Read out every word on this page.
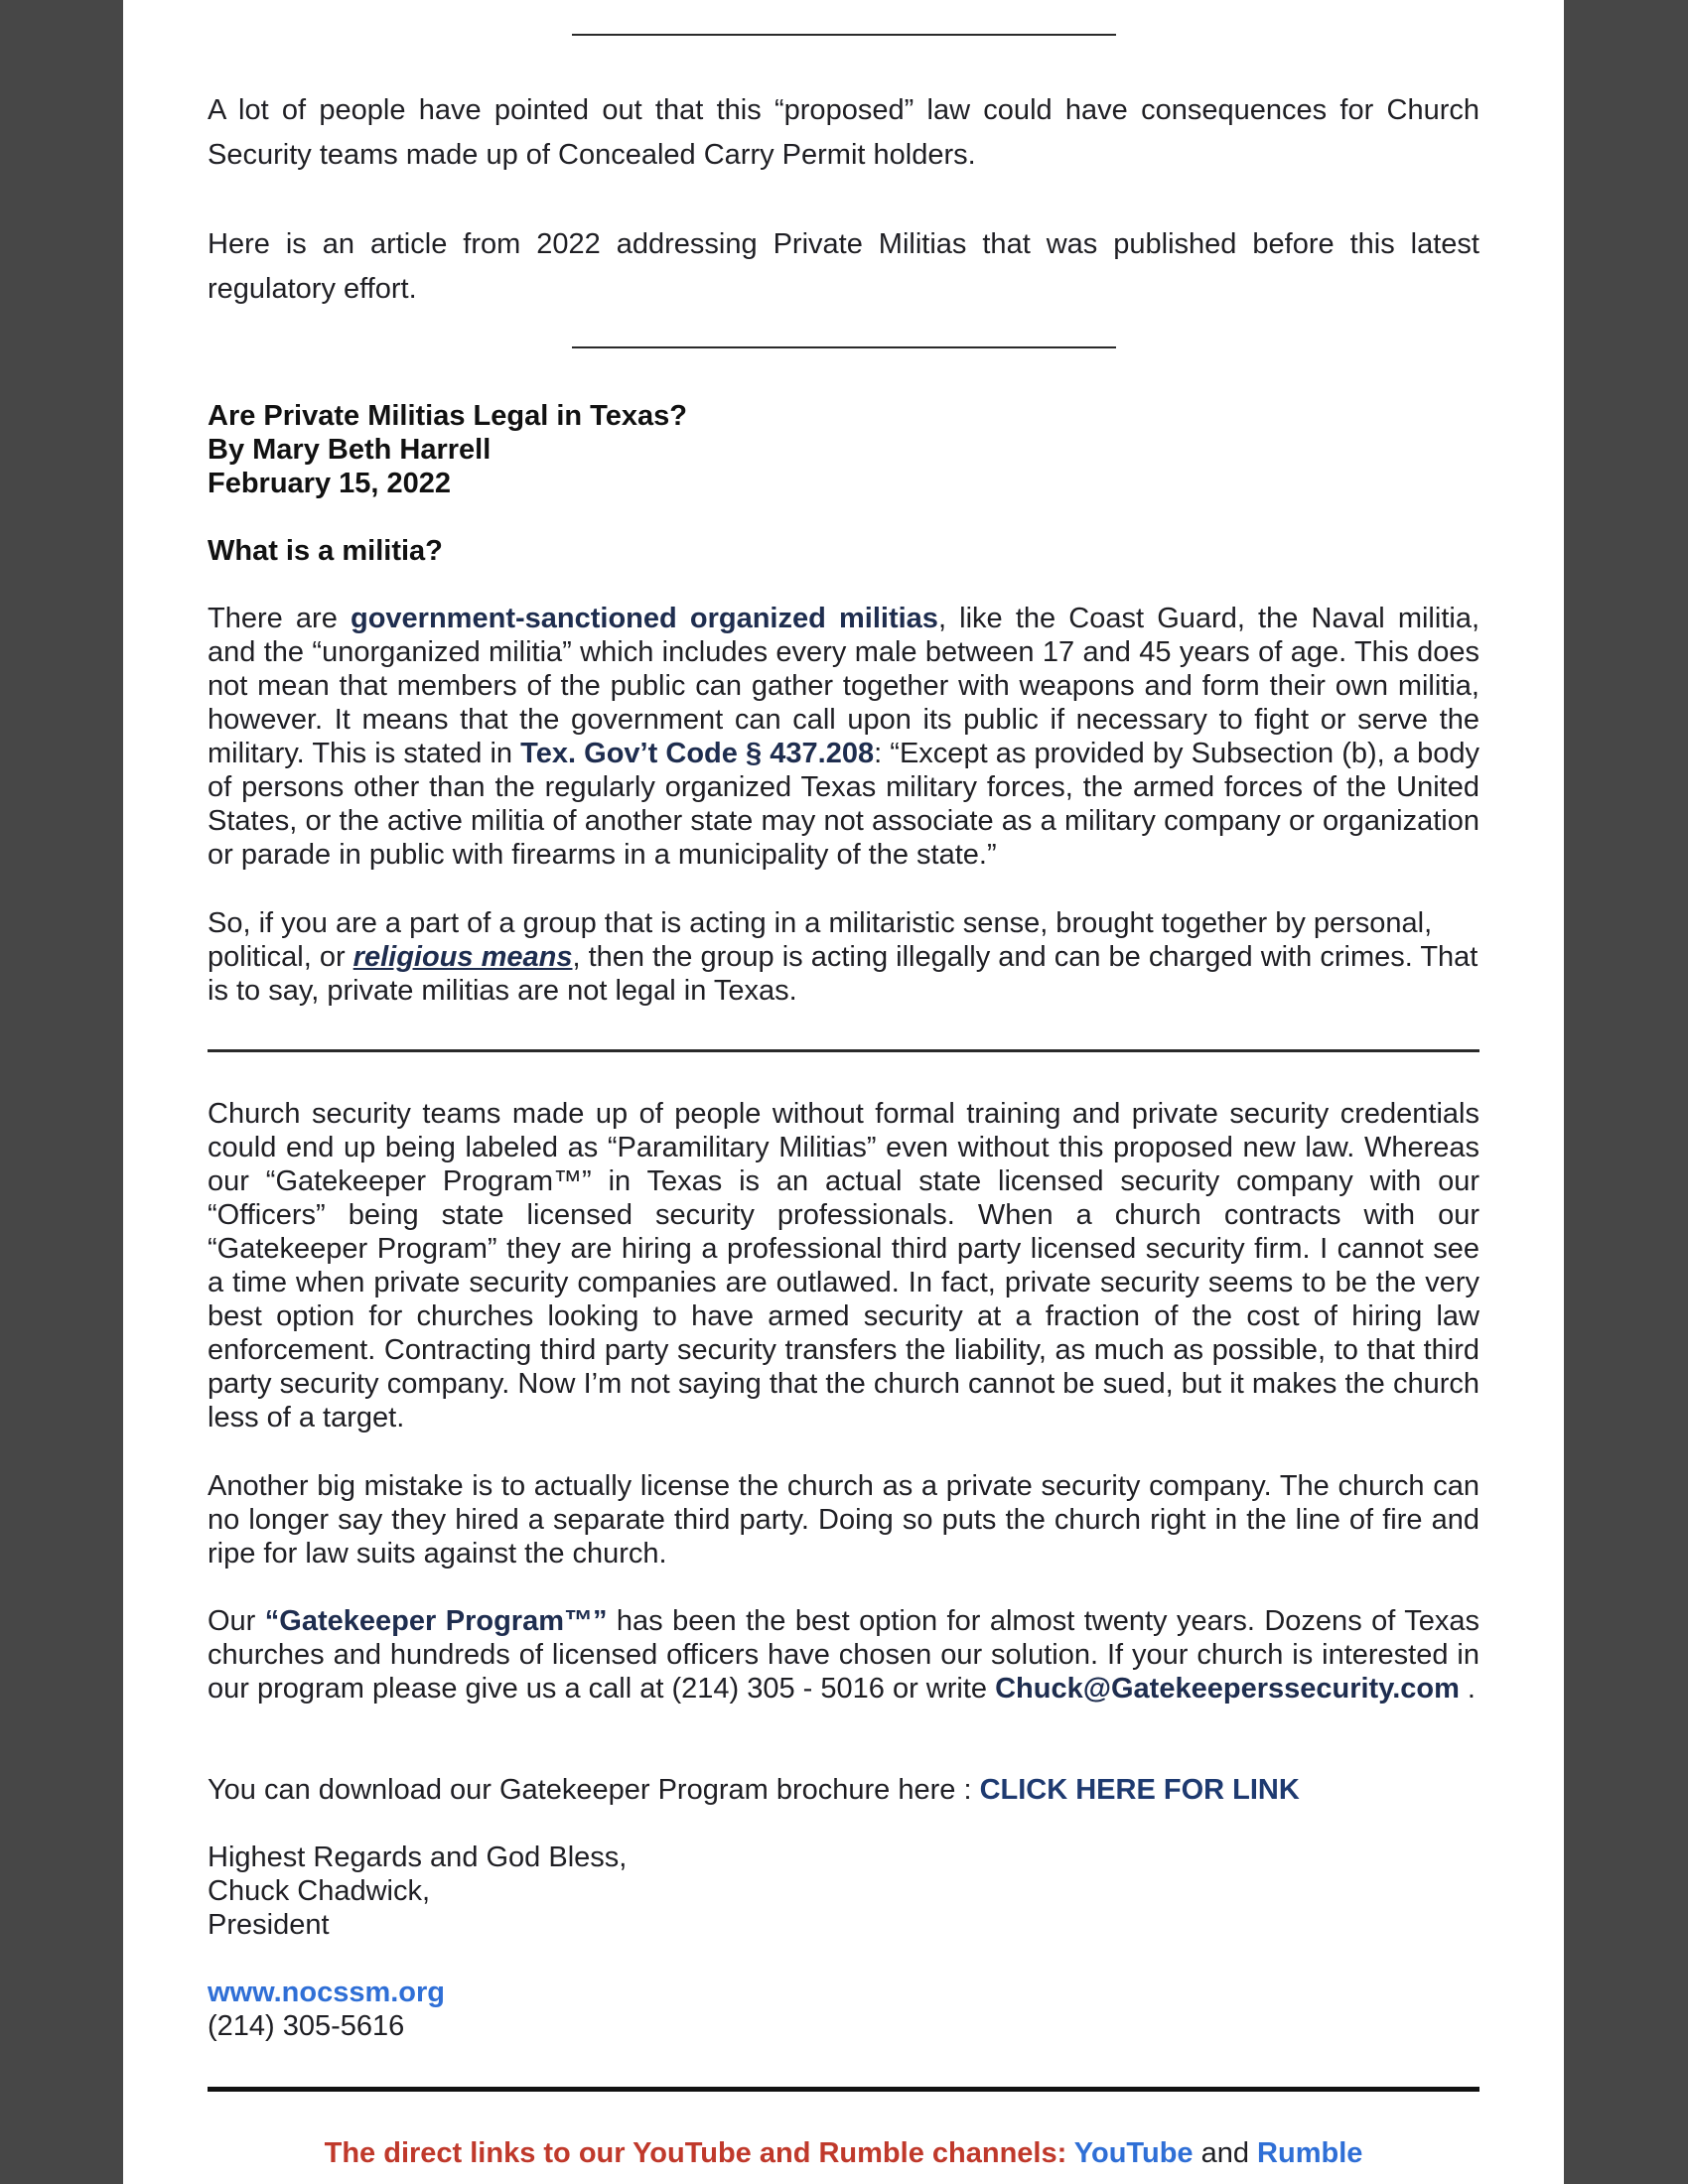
A lot of people have pointed out that this “proposed” law could have consequences for Church Security teams made up of Concealed Carry Permit holders.
Here is an article from 2022 addressing Private Militias that was published before this latest regulatory effort.
Are Private Militias Legal in Texas?
By Mary Beth Harrell
February 15, 2022
What is a militia?
There are government-sanctioned organized militias, like the Coast Guard, the Naval militia, and the “unorganized militia” which includes every male between 17 and 45 years of age. This does not mean that members of the public can gather together with weapons and form their own militia, however. It means that the government can call upon its public if necessary to fight or serve the military. This is stated in Tex. Gov’t Code § 437.208: “Except as provided by Subsection (b), a body of persons other than the regularly organized Texas military forces, the armed forces of the United States, or the active militia of another state may not associate as a military company or organization or parade in public with firearms in a municipality of the state.”
So, if you are a part of a group that is acting in a militaristic sense, brought together by personal, political, or religious means, then the group is acting illegally and can be charged with crimes. That is to say, private militias are not legal in Texas.
Church security teams made up of people without formal training and private security credentials could end up being labeled as “Paramilitary Militias” even without this proposed new law. Whereas our “Gatekeeper Program™” in Texas is an actual state licensed security company with our “Officers” being state licensed security professionals. When a church contracts with our “Gatekeeper Program” they are hiring a professional third party licensed security firm. I cannot see a time when private security companies are outlawed. In fact, private security seems to be the very best option for churches looking to have armed security at a fraction of the cost of hiring law enforcement. Contracting third party security transfers the liability, as much as possible, to that third party security company. Now I’m not saying that the church cannot be sued, but it makes the church less of a target.
Another big mistake is to actually license the church as a private security company. The church can no longer say they hired a separate third party. Doing so puts the church right in the line of fire and ripe for law suits against the church.
Our “Gatekeeper Program™” has been the best option for almost twenty years. Dozens of Texas churches and hundreds of licensed officers have chosen our solution. If your church is interested in our program please give us a call at (214) 305 - 5016 or write Chuck@Gatekeeperssecurity.com .
You can download our Gatekeeper Program brochure here : CLICK HERE FOR LINK
Highest Regards and God Bless,
Chuck Chadwick,
President
www.nocssm.org
(214) 305-5616
The direct links to our YouTube and Rumble channels: YouTube and Rumble
